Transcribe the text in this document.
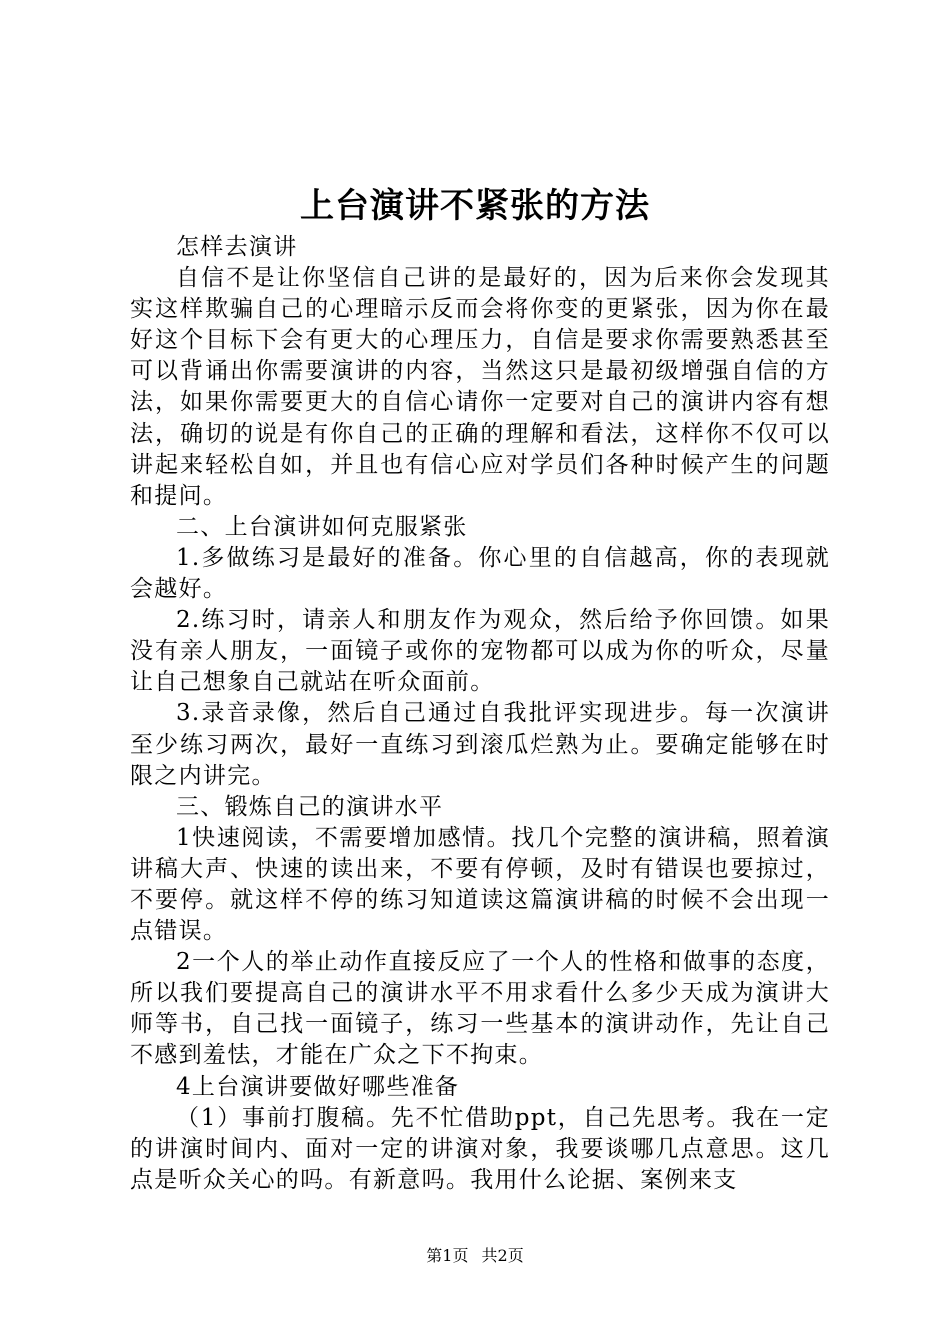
上台演讲不紧张的方法

怎样去演讲

自信不是让你坚信自己讲的是最好的，因为后来你会发现其实这样欺骗自己的心理暗示反而会将你变的更紧张，因为你在最好这个目标下会有更大的心理压力，自信是要求你需要熟悉甚至可以背诵出你需要演讲的内容，当然这只是最初级增强自信的方法，如果你需要更大的自信心请你一定要对自己的演讲内容有想法，确切的说是有你自己的正确的理解和看法，这样你不仅可以讲起来轻松自如，并且也有信心应对学员们各种时候产生的问题和提问。

二、上台演讲如何克服紧张

1.多做练习是最好的准备。你心里的自信越高，你的表现就会越好。

2.练习时，请亲人和朋友作为观众，然后给予你回馈。如果没有亲人朋友，一面镜子或你的宠物都可以成为你的听众，尽量让自己想象自己就站在听众面前。

3.录音录像，然后自己通过自我批评实现进步。每一次演讲至少练习两次，最好一直练习到滚瓜烂熟为止。要确定能够在时限之内讲完。

三、锻炼自己的演讲水平

1快速阅读，不需要增加感情。找几个完整的演讲稿，照着演讲稿大声、快速的读出来，不要有停顿，及时有错误也要掠过，不要停。就这样不停的练习知道读这篇演讲稿的时候不会出现一点错误。

2一个人的举止动作直接反应了一个人的性格和做事的态度，所以我们要提高自己的演讲水平不用求看什么多少天成为演讲大师等书，自己找一面镜子，练习一些基本的演讲动作，先让自己不感到羞怯，才能在广众之下不拘束。

4上台演讲要做好哪些准备

（1）事前打腹稿。先不忙借助ppt，自己先思考。我在一定的讲演时间内、面对一定的讲演对象，我要谈哪几点意思。这几点是听众关心的吗。有新意吗。我用什么论据、案例来支

第1页 共2页
